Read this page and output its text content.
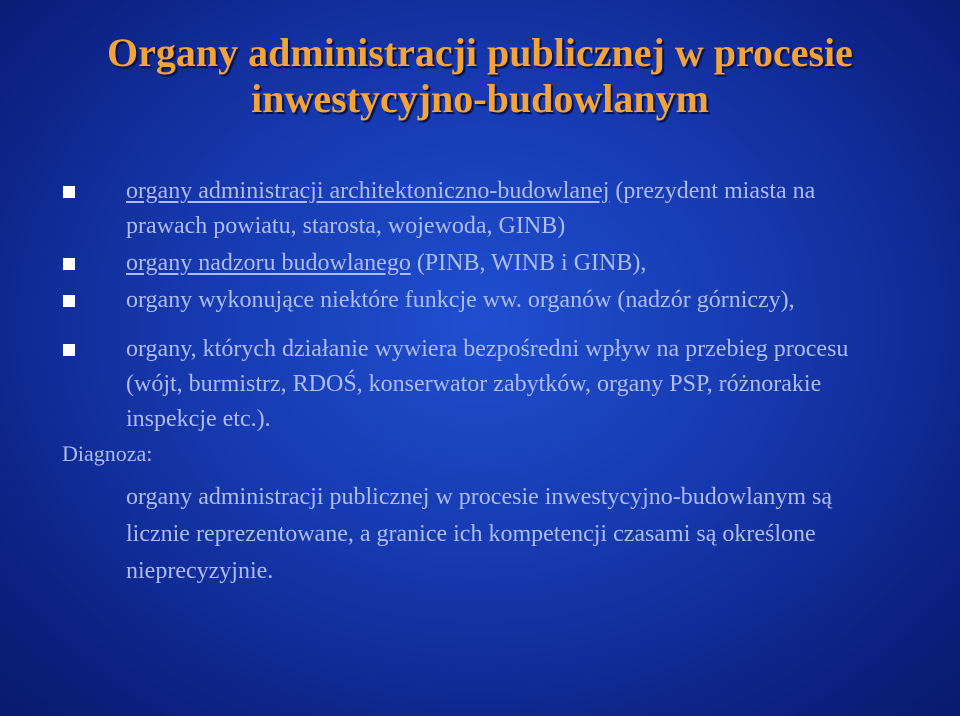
Organy administracji publicznej w procesie inwestycyjno-budowlanym
organy administracji architektoniczno-budowlanej (prezydent miasta na prawach powiatu, starosta, wojewoda, GINB)
organy nadzoru budowlanego (PINB, WINB i GINB),
organy wykonujące niektóre funkcje ww. organów (nadzór górniczy),
organy, których działanie wywiera bezpośredni wpływ na przebieg procesu (wójt, burmistrz, RDOŚ, konserwator zabytków, organy PSP, różnorakie inspekcje etc.).
Diagnoza:
organy administracji publicznej w procesie inwestycyjno-budowlanym są licznie reprezentowane, a granice ich kompetencji czasami są określone nieprecyzyjnie.
